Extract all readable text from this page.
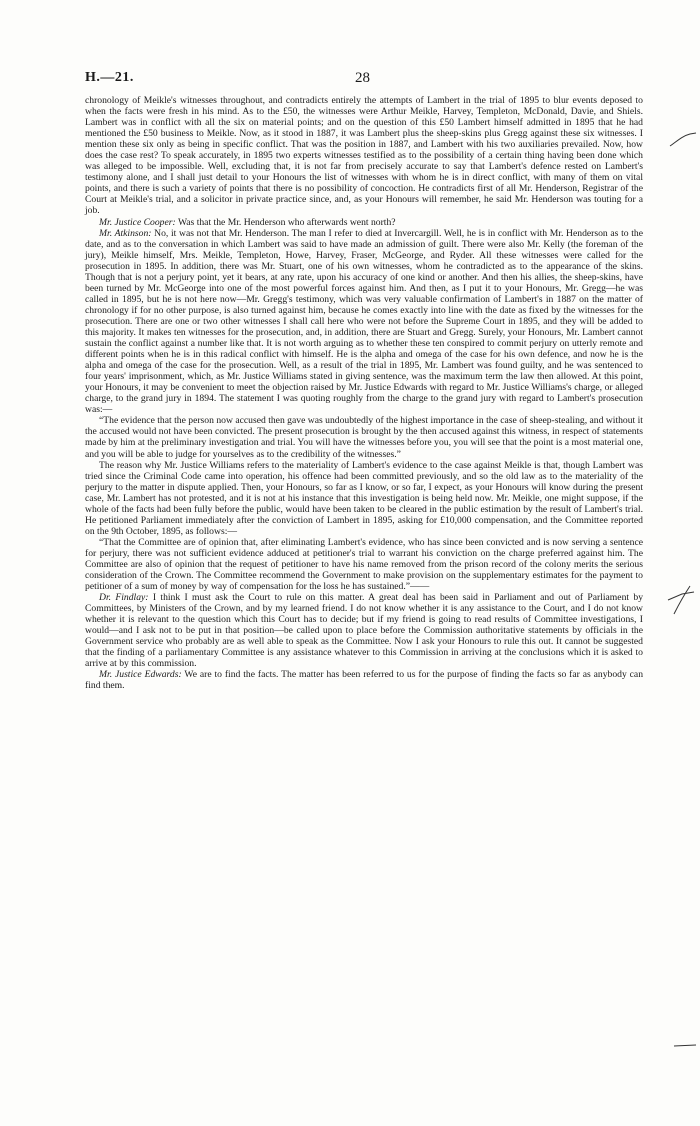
H.—21.	28

chronology of Meikle's witnesses throughout, and contradicts entirely the attempts of Lambert in the trial of 1895 to blur events deposed to when the facts were fresh in his mind. As to the £50, the witnesses were Arthur Meikle, Harvey, Templeton, McDonald, Davie, and Shiels. Lambert was in conflict with all the six on material points; and on the question of this £50 Lambert himself admitted in 1895 that he had mentioned the £50 business to Meikle. Now, as it stood in 1887, it was Lambert plus the sheep-skins plus Gregg against these six witnesses. I mention these six only as being in specific conflict. That was the position in 1887, and Lambert with his two auxiliaries prevailed. Now, how does the case rest? To speak accurately, in 1895 two experts witnesses testified as to the possibility of a certain thing having been done which was alleged to be impossible. Well, excluding that, it is not far from precisely accurate to say that Lambert's defence rested on Lambert's testimony alone, and I shall just detail to your Honours the list of witnesses with whom he is in direct conflict, with many of them on vital points, and there is such a variety of points that there is no possibility of concoction. He contradicts first of all Mr. Henderson, Registrar of the Court at Meikle's trial, and a solicitor in private practice since, and, as your Honours will remember, he said Mr. Henderson was touting for a job.

Mr. Justice Cooper: Was that the Mr. Henderson who afterwards went north?

Mr. Atkinson: No, it was not that Mr. Henderson. The man I refer to died at Invercargill. Well, he is in conflict with Mr. Henderson as to the date, and as to the conversation in which Lambert was said to have made an admission of guilt. There were also Mr. Kelly (the foreman of the jury), Meikle himself, Mrs. Meikle, Templeton, Howe, Harvey, Fraser, McGeorge, and Ryder. All these witnesses were called for the prosecution in 1895. In addition, there was Mr. Stuart, one of his own witnesses, whom he contradicted as to the appearance of the skins. Though that is not a perjury point, yet it bears, at any rate, upon his accuracy of one kind or another. And then his allies, the sheep-skins, have been turned by Mr. McGeorge into one of the most powerful forces against him. And then, as I put it to your Honours, Mr. Gregg—he was called in 1895, but he is not here now—Mr. Gregg's testimony, which was very valuable confirmation of Lambert's in 1887 on the matter of chronology if for no other purpose, is also turned against him, because he comes exactly into line with the date as fixed by the witnesses for the prosecution. There are one or two other witnesses I shall call here who were not before the Supreme Court in 1895, and they will be added to this majority. It makes ten witnesses for the prosecution, and, in addition, there are Stuart and Gregg. Surely, your Honours, Mr. Lambert cannot sustain the conflict against a number like that. It is not worth arguing as to whether these ten conspired to commit perjury on utterly remote and different points when he is in this radical conflict with himself. He is the alpha and omega of the case for his own defence, and now he is the alpha and omega of the case for the prosecution. Well, as a result of the trial in 1895, Mr. Lambert was found guilty, and he was sentenced to four years' imprisonment, which, as Mr. Justice Williams stated in giving sentence, was the maximum term the law then allowed. At this point, your Honours, it may be convenient to meet the objection raised by Mr. Justice Edwards with regard to Mr. Justice Williams's charge, or alleged charge, to the grand jury in 1894. The statement I was quoting roughly from the charge to the grand jury with regard to Lambert's prosecution was:—

“The evidence that the person now accused then gave was undoubtedly of the highest importance in the case of sheep-stealing, and without it the accused would not have been convicted. The present prosecution is brought by the then accused against this witness, in respect of statements made by him at the preliminary investigation and trial. You will have the witnesses before you, you will see that the point is a most material one, and you will be able to judge for yourselves as to the credibility of the witnesses.”

The reason why Mr. Justice Williams refers to the materiality of Lambert's evidence to the case against Meikle is that, though Lambert was tried since the Criminal Code came into operation, his offence had been committed previously, and so the old law as to the materiality of the perjury to the matter in dispute applied. Then, your Honours, so far as I know, or so far, I expect, as your Honours will know during the present case, Mr. Lambert has not protested, and it is not at his instance that this investigation is being held now. Mr. Meikle, one might suppose, if the whole of the facts had been fully before the public, would have been taken to be cleared in the public estimation by the result of Lambert's trial. He petitioned Parliament immediately after the conviction of Lambert in 1895, asking for £10,000 compensation, and the Committee reported on the 9th October, 1895, as follows:—

“That the Committee are of opinion that, after eliminating Lambert's evidence, who has since been convicted and is now serving a sentence for perjury, there was not sufficient evidence adduced at petitioner's trial to warrant his conviction on the charge preferred against him. The Committee are also of opinion that the request of petitioner to have his name removed from the prison record of the colony merits the serious consideration of the Crown. The Committee recommend the Government to make provision on the supplementary estimates for the payment to petitioner of a sum of money by way of compensation for the loss he has sustained.”——

Dr. Findlay: I think I must ask the Court to rule on this matter. A great deal has been said in Parliament and out of Parliament by Committees, by Ministers of the Crown, and by my learned friend. I do not know whether it is any assistance to the Court, and I do not know whether it is relevant to the question which this Court has to decide; but if my friend is going to read results of Committee investigations, I would—and I ask not to be put in that position—be called upon to place before the Commission authoritative statements by officials in the Government service who probably are as well able to speak as the Committee. Now I ask your Honours to rule this out. It cannot be suggested that the finding of a parliamentary Committee is any assistance whatever to this Commission in arriving at the conclusions which it is asked to arrive at by this commission.

Mr. Justice Edwards: We are to find the facts. The matter has been referred to us for the purpose of finding the facts so far as anybody can find them.
